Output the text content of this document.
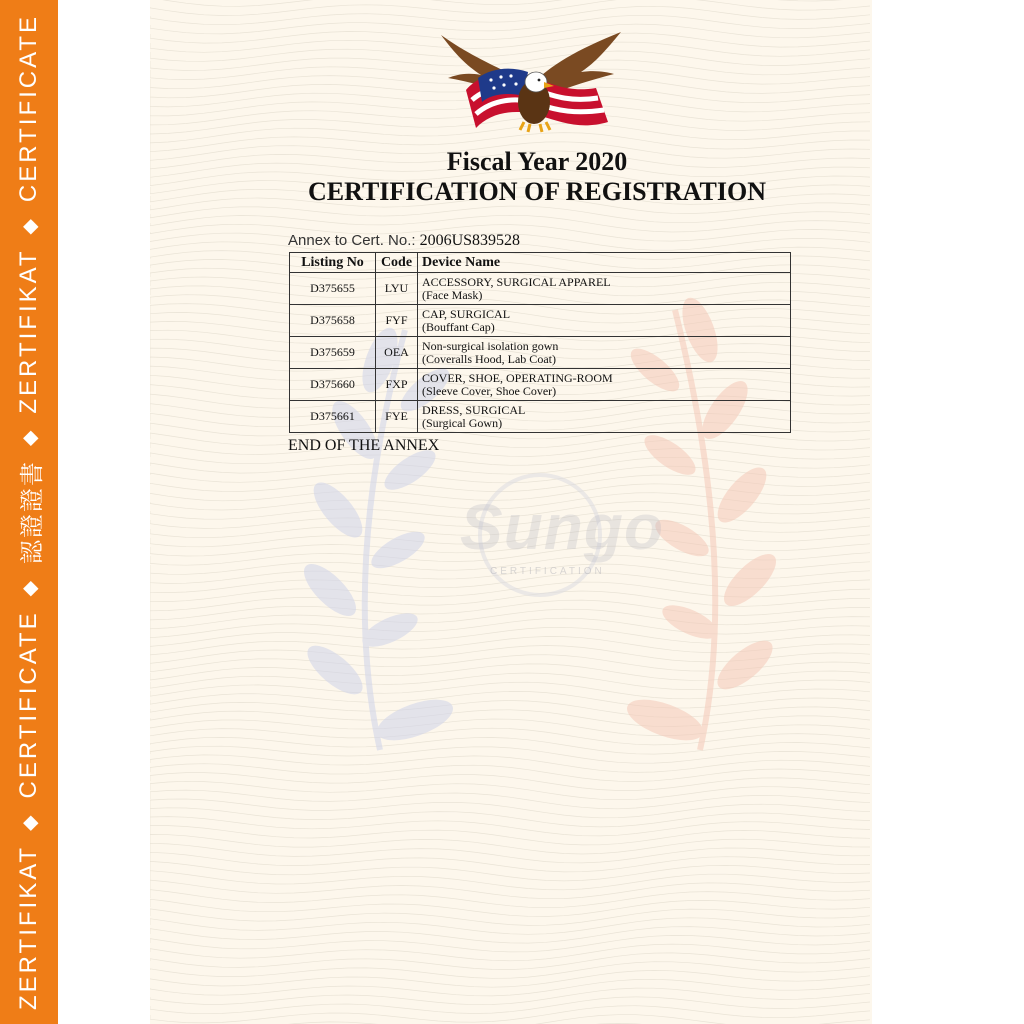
Sungo
CERTIFICATION
Fiscal Year 2020
CERTIFICATION OF REGISTRATION
Annex to Cert. No.: 2006US839528
Listing No	Code	Device Name
D375655	LYU	ACCESSORY, SURGICAL APPAREL
(Face Mask)

D375658	FYF	CAP, SURGICAL
(Bouffant Cap)

D375659	OEA	Non-surgical isolation gown
(Coveralls Hood, Lab Coat)

D375660	FXP	COVER, SHOE, OPERATING-ROOM
(Sleeve Cover, Shoe Cover)

D375661	FYE	DRESS, SURGICAL
(Surgical Gown)
END OF THE ANNEX
ZERTIFIKAT
◆
CERTIFICATE
◆
認證證書
◆
ZERTIFIKAT
◆
CERTIFICATE
